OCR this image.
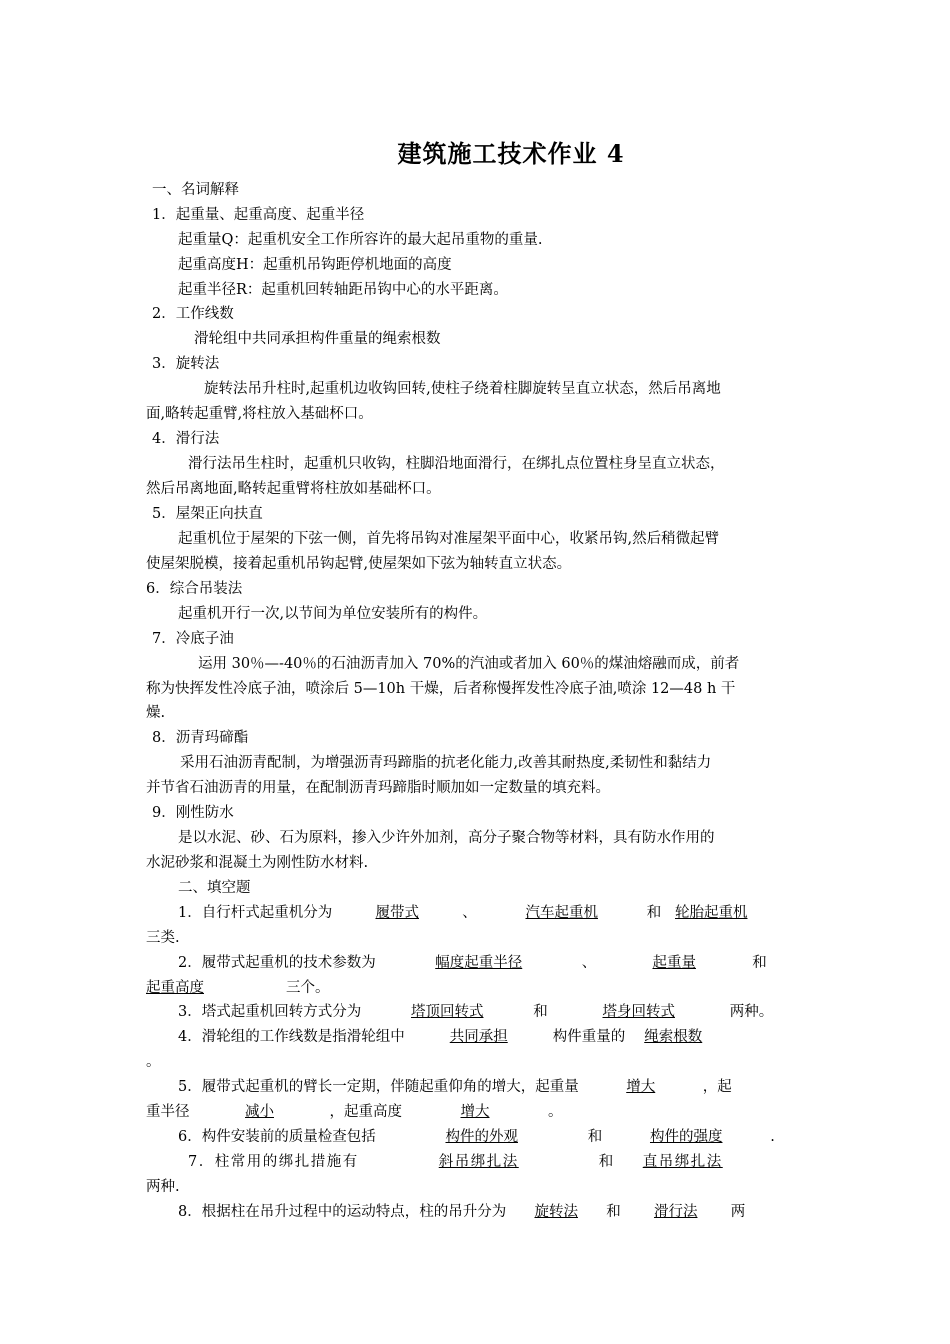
建筑施工技术作业 4
一、名词解释
1．起重量、起重高度、起重半径
起重量Q：起重机安全工作所容许的最大起吊重物的重量.
起重高度H：起重机吊钩距停机地面的高度
起重半径R：起重机回转轴距吊钩中心的水平距离。
2．工作线数
滑轮组中共同承担构件重量的绳索根数
3．旋转法
旋转法吊升柱时,起重机边收钩回转,使柱子绕着柱脚旋转呈直立状态，然后吊离地
面,略转起重臂,将柱放入基础杯口。
4．滑行法
滑行法吊生柱时，起重机只收钩，柱脚沿地面滑行，在绑扎点位置柱身呈直立状态，
然后吊离地面,略转起重臂将柱放如基础杯口。
5．屋架正向扶直
起重机位于屋架的下弦一侧，首先将吊钩对准屋架平面中心，收紧吊钩,然后稍微起臂
使屋架脱模，接着起重机吊钩起臂,使屋架如下弦为轴转直立状态。
6．综合吊装法
起重机开行一次,以节间为单位安装所有的构件。
7．冷底子油
运用 30％—-40％的石油沥青加入 70%的汽油或者加入 60％的煤油熔融而成，前者
称为快挥发性冷底子油，喷涂后 5—10h 干燥，后者称慢挥发性冷底子油,喷涂 12—48 h 干
燥.
8．沥青玛碲酯
采用石油沥青配制，为增强沥青玛蹄脂的抗老化能力,改善其耐热度,柔韧性和黏结力
并节省石油沥青的用量，在配制沥青玛蹄脂时顺加如一定数量的填充料。
9．刚性防水
是以水泥、砂、石为原料，掺入少许外加剂，高分子聚合物等材料，具有防水作用的
水泥砂浆和混凝土为刚性防水材料.
二、填空题
1．自行杆式起重机分为	履带式	、	汽车起重机	和 轮胎起重机
三类.
2．履带式起重机的技术参数为	幅度起重半径	、	起重量	和
起重高度	三个。
3．塔式起重机回转方式分为	塔顶回转式	和	塔身回转式	两种。
4．滑轮组的工作线数是指滑轮组中	共同承担	构件重量的 绳索根数
。
5．履带式起重机的臂长一定期，伴随起重仰角的增大，起重量	增大	，起
重半径	减小	，起重高度	增大	。
6．构件安装前的质量检查包括	构件的外观	和	构件的强度	.
7．柱常用的绑扎措施有	斜吊绑扎法	和 直吊绑扎法
两种.
8．根据柱在吊升过程中的运动特点，柱的吊升分为 旋转法 和 滑行法 两
